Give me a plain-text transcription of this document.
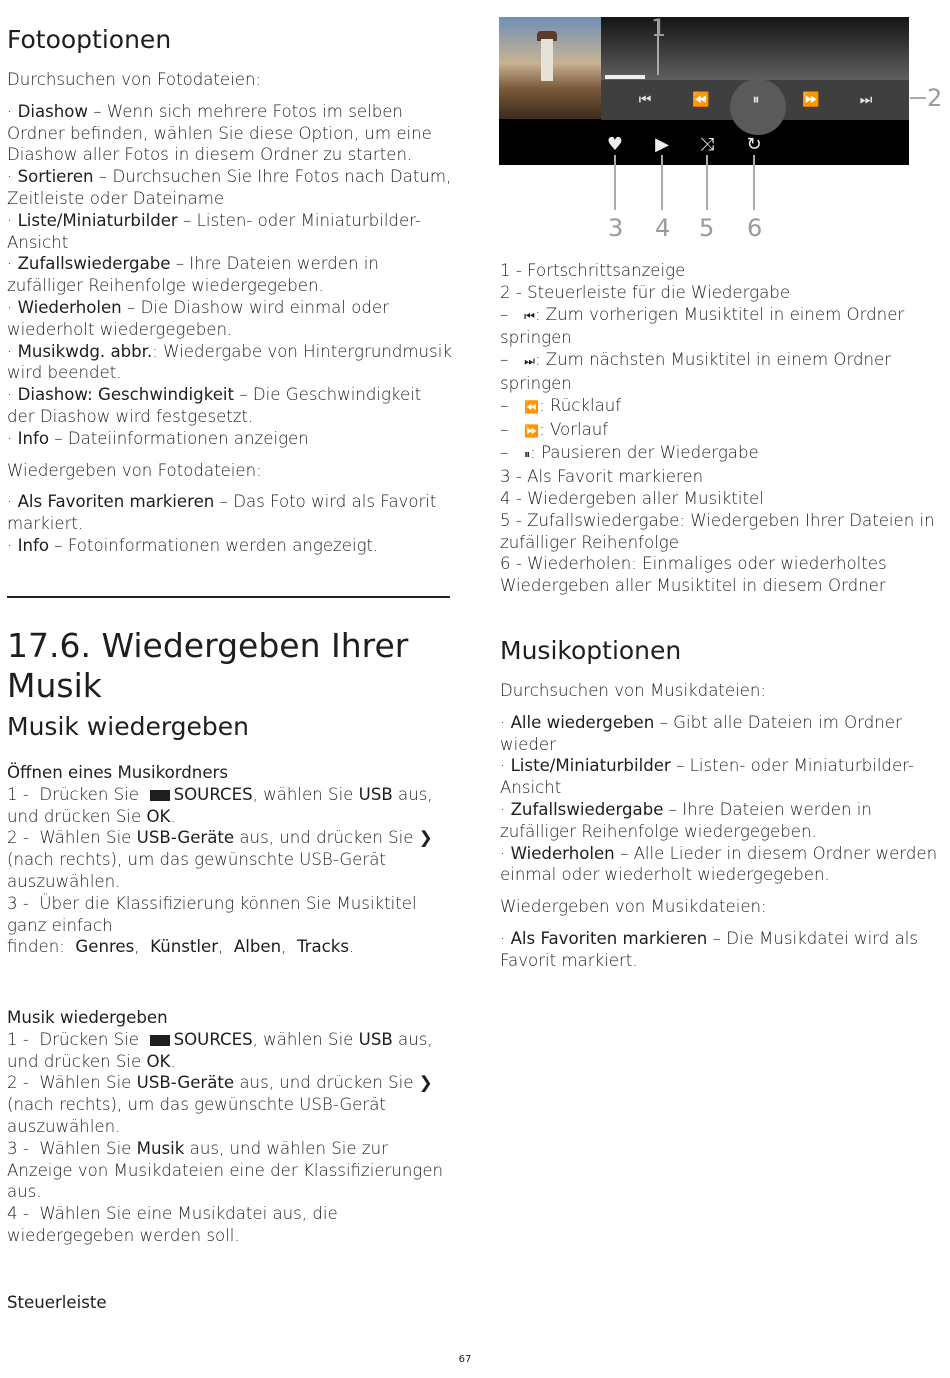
Fotooptionen

Durchsuchen von Fotodateien:

· Diashow – Wenn sich mehrere Fotos im selben Ordner befinden, wählen Sie diese Option, um eine Diashow aller Fotos in diesem Ordner zu starten.

· Sortieren – Durchsuchen Sie Ihre Fotos nach Datum, Zeitleiste oder Dateiname

· Liste/Miniaturbilder – Listen- oder Miniaturbilder-Ansicht

· Zufallswiedergabe – Ihre Dateien werden in zufälliger Reihenfolge wiedergegeben.

· Wiederholen – Die Diashow wird einmal oder wiederholt wiedergegeben.

· Musikwdg. abbr.: Wiedergabe von Hintergrundmusik wird beendet.

· Diashow: Geschwindigkeit – Die Geschwindigkeit der Diashow wird festgesetzt.

· Info – Dateiinformationen anzeigen

Wiedergeben von Fotodateien:

· Als Favoriten markieren – Das Foto wird als Favorit markiert.

· Info – Fotoinformationen werden angezeigt.

17.6. Wiedergeben Ihrer

Musik

Musik wiedergeben

Öffnen eines Musikordners

1 - Drücken Sie SOURCES, wählen Sie USB aus, und drücken Sie OK.

2 - Wählen Sie USB-Geräte aus, und drücken Sie ❯
(nach rechts), um das gewünschte USB-Gerät auszuwählen.

3 - Über die Klassifizierung können Sie Musiktitel ganz einfach
finden: Genres, Künstler, Alben, Tracks.

Musik wiedergeben

1 - Drücken Sie SOURCES, wählen Sie USB aus, und drücken Sie OK.

2 - Wählen Sie USB-Geräte aus, und drücken Sie ❯
(nach rechts), um das gewünschte USB-Gerät auszuwählen.

3 - Wählen Sie Musik aus, und wählen Sie zur Anzeige von Musikdateien eine der Klassifizierungen aus.

4 - Wählen Sie eine Musikdatei aus, die wiedergegeben werden soll.

Steuerleiste

⏮	⏪	⏸	⏩	⏭
♥	▶	⤨	↻
1
2
3 4 5 6

1 - Fortschrittsanzeige

2 - Steuerleiste für die Wiedergabe

– ⏮: Zum vorherigen Musiktitel in einem Ordner springen

– ⏭: Zum nächsten Musiktitel in einem Ordner springen

– ⏪: Rücklauf

– ⏩: Vorlauf

– ⏸: Pausieren der Wiedergabe

3 - Als Favorit markieren

4 - Wiedergeben aller Musiktitel

5 - Zufallswiedergabe: Wiedergeben Ihrer Dateien in zufälliger Reihenfolge

6 - Wiederholen: Einmaliges oder wiederholtes Wiedergeben aller Musiktitel in diesem Ordner

Musikoptionen

Durchsuchen von Musikdateien:

· Alle wiedergeben – Gibt alle Dateien im Ordner wieder

· Liste/Miniaturbilder – Listen- oder Miniaturbilder-Ansicht

· Zufallswiedergabe – Ihre Dateien werden in zufälliger Reihenfolge wiedergegeben.

· Wiederholen – Alle Lieder in diesem Ordner werden einmal oder wiederholt wiedergegeben.

Wiedergeben von Musikdateien:

· Als Favoriten markieren – Die Musikdatei wird als Favorit markiert.

67
